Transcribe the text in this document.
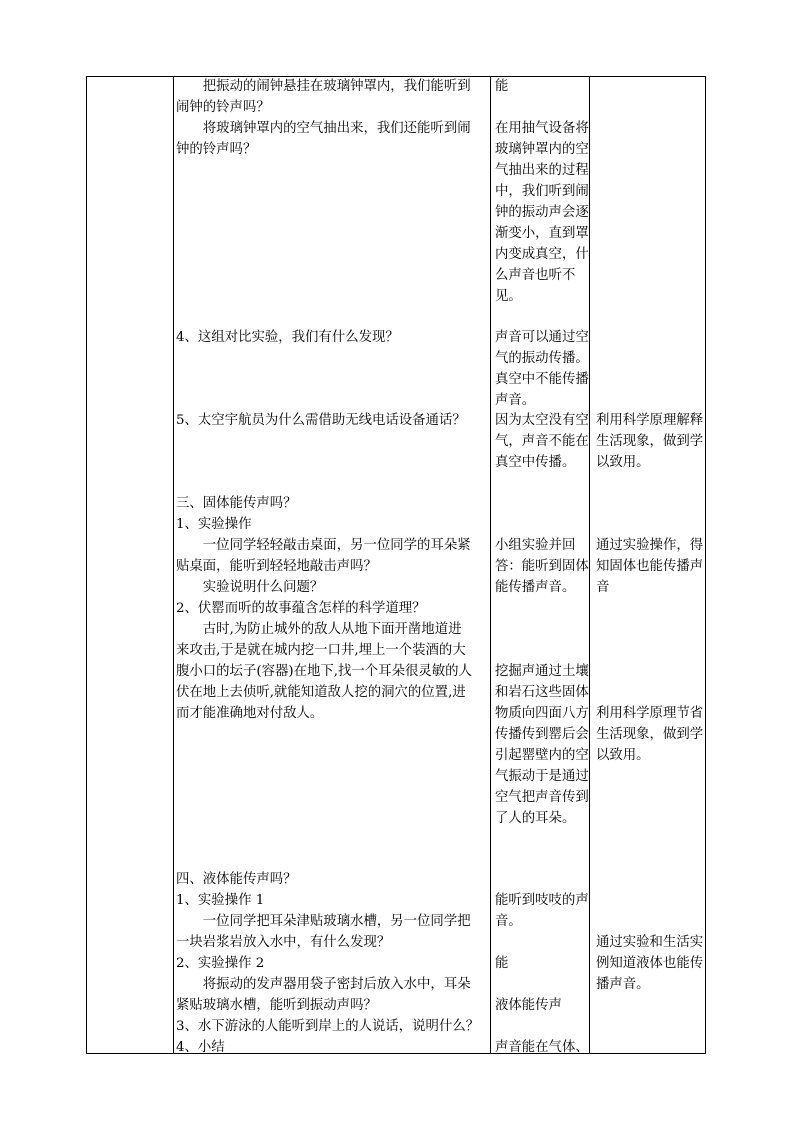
把振动的闹钟悬挂在玻璃钟罩内，我们能听到
闹钟的铃声吗？
将玻璃钟罩内的空气抽出来，我们还能听到闹
钟的铃声吗？
4、这组对比实验，我们有什么发现？
5、太空宇航员为什么需借助无线电话设备通话？
三、固体能传声吗？
1、实验操作
一位同学轻轻敲击桌面，另一位同学的耳朵紧
贴桌面，能听到轻轻地敲击声吗？
实验说明什么问题？
2、伏罂而听的故事蕴含怎样的科学道理？
古时,为防止城外的敌人从地下面开凿地道进
来攻击,于是就在城内挖一口井,埋上一个装酒的大
腹小口的坛子(容器)在地下,找一个耳朵很灵敏的人
伏在地上去侦听,就能知道敌人挖的洞穴的位置,进
而才能准确地对付敌人。
四、液体能传声吗？
1、实验操作 1
一位同学把耳朵津贴玻璃水槽，另一位同学把
一块岩浆岩放入水中，有什么发现？
2、实验操作 2
将振动的发声器用袋子密封后放入水中，耳朵
紧贴玻璃水槽，能听到振动声吗？
3、水下游泳的人能听到岸上的人说话，说明什么？
4、小结
能
在用抽气设备将玻璃钟罩内的空气抽出来的过程中，我们听到闹钟的振动声会逐渐变小，直到罩内变成真空，什么声音也听不见。
声音可以通过空气的振动传播。真空中不能传播声音。
因为太空没有空气，声音不能在真空中传播。
小组实验并回答：能听到固体能传播声音。
挖掘声通过土壤和岩石这些固体物质向四面八方传播传到罂后会引起罂壁内的空气振动于是通过空气把声音传到了人的耳朵。
能听到吱吱的声音。
能
液体能传声
声音能在气体、
利用科学原理解释生活现象，做到学以致用。
通过实验操作，得知固体也能传播声音
利用科学原理节省生活现象，做到学以致用。
通过实验和生活实例知道液体也能传播声音。
